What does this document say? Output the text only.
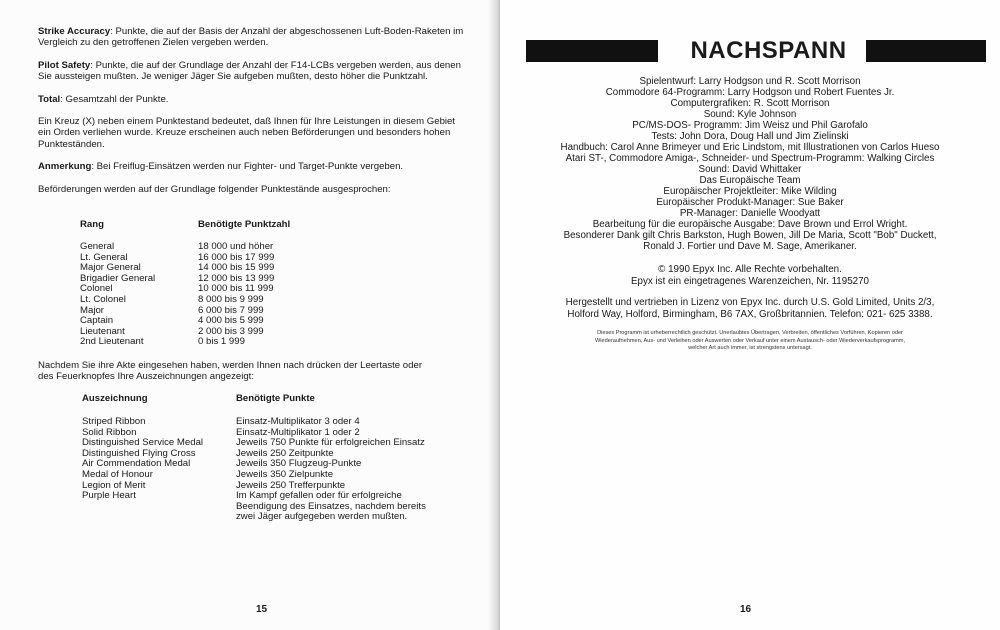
Strike Accuracy: Punkte, die auf der Basis der Anzahl der abgeschossenen Luft-Boden-Raketen im Vergleich zu den getroffenen Zielen vergeben werden.

Pilot Safety: Punkte, die auf der Grundlage der Anzahl der F14-LCBs vergeben werden, aus denen Sie aussteigen mußten. Je weniger Jäger Sie aufgeben mußten, desto höher die Punktzahl.

Total: Gesamtzahl der Punkte.

Ein Kreuz (X) neben einem Punktestand bedeutet, daß Ihnen für Ihre Leistungen in diesem Gebiet ein Orden verliehen wurde. Kreuze erscheinen auch neben Beförderungen und besonders hohen Punkteständen.

Anmerkung: Bei Freiflug-Einsätzen werden nur Fighter- und Target-Punkte vergeben.

Beförderungen werden auf der Grundlage folgender Punktestände ausgesprochen:

Rang	Benötigte Punktzahl
General
Lt. General
Major General
Brigadier General
Colonel
Lt. Colonel
Major
Captain
Lieutenant
2nd Lieutenant
18 000 und höher
16 000 bis 17 999
14 000 bis 15 999
12 000 bis 13 999
10 000 bis 11 999
8 000 bis 9 999
6 000 bis 7 999
4 000 bis 5 999
2 000 bis 3 999
0 bis 1 999

Nachdem Sie ihre Akte eingesehen haben, werden Ihnen nach drücken der Leertaste oder des Feuerknopfes Ihre Auszeichnungen angezeigt:

Auszeichnung	Benötigte Punkte
Striped Ribbon
Solid Ribbon
Distinguished Service Medal
Distinguished Flying Cross
Air Commendation Medal
Medal of Honour
Legion of Merit
Purple Heart
Einsatz-Multiplikator 3 oder 4
Einsatz-Multiplikator 1 oder 2
Jeweils 750 Punkte für erfolgreichen Einsatz
Jeweils 250 Zeitpunkte
Jeweils 350 Flugzeug-Punkte
Jeweils 350 Zielpunkte
Jeweils 250 Trefferpunkte
Im Kampf gefallen oder für erfolgreiche
Beendigung des Einsatzes, nachdem bereits
zwei Jäger aufgegeben werden mußten.
15
NACHSPANN
Spielentwurf: Larry Hodgson und R. Scott Morrison
Commodore 64-Programm: Larry Hodgson und Robert Fuentes Jr.
Computergrafiken: R. Scott Morrison
Sound: Kyle Johnson
PC/MS-DOS- Programm: Jim Weisz und Phil Garofalo
Tests: John Dora, Doug Hall und Jim Zielinski
Handbuch: Carol Anne Brimeyer und Eric Lindstom, mit Illustrationen von Carlos Hueso
Atari ST-, Commodore Amiga-, Schneider- und Spectrum-Programm: Walking Circles
Sound: David Whittaker
Das Europäische Team
Europäischer Projektleiter: Mike Wilding
Europäischer Produkt-Manager: Sue Baker
PR-Manager: Danielle Woodyatt
Bearbeitung für die europäische Ausgabe: Dave Brown und Errol Wright.
Besonderer Dank gilt Chris Barkston, Hugh Bowen, Jill De Maria, Scott "Bob" Duckett,
Ronald J. Fortier und Dave M. Sage, Amerikaner.
© 1990 Epyx Inc. Alle Rechte vorbehalten.
Epyx ist ein eingetragenes Warenzeichen, Nr. 1195270
Hergestellt und vertrieben in Lizenz von Epyx Inc. durch U.S. Gold Limited, Units 2/3,
Holford Way, Holford, Birmingham, B6 7AX, Großbritannien. Telefon: 021- 625 3388.
Dieses Programm ist urheberrechtlich geschützt. Unerlaubtes Übertragen, Verbreiten, öffentliches Vorführen, Kopieren oder
Wiederaufnehmen, Aus- und Verleihen oder Auswerten oder Verkauf unter einem Austausch- oder Wiederverkaufsprogramm,
welcher Art auch immer, ist strengstens untersagt.
16
